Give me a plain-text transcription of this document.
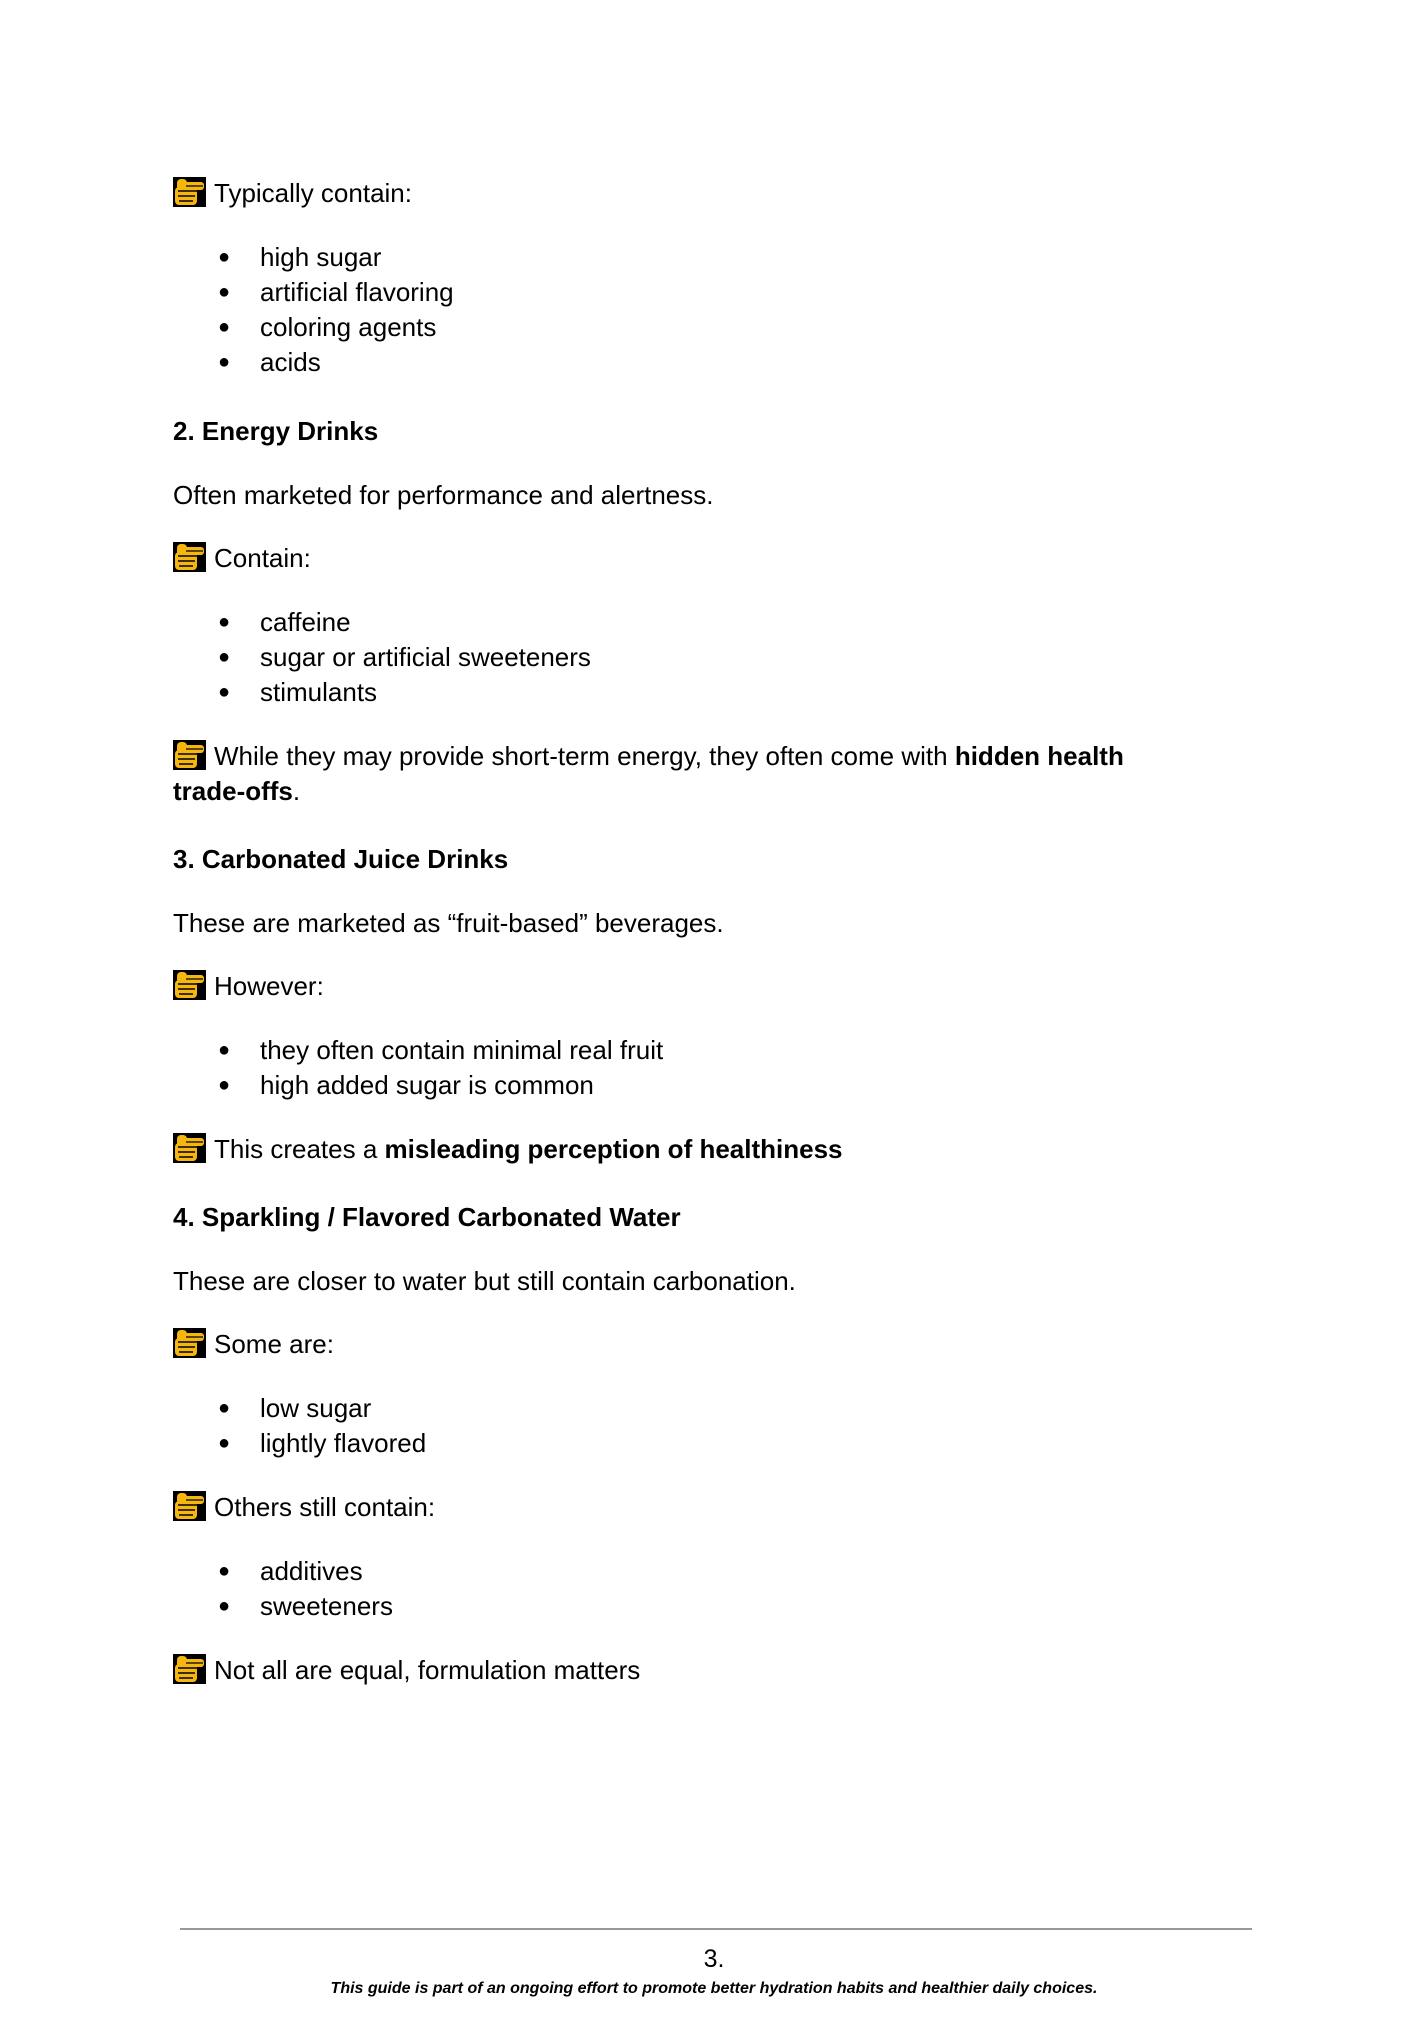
Typically contain:
● high sugar
● artificial flavoring
● coloring agents
● acids
2. Energy Drinks
Often marketed for performance and alertness.
Contain:
● caffeine
● sugar or artificial sweeteners
● stimulants
While they may provide short-term energy, they often come with hidden health
trade-offs.
3. Carbonated Juice Drinks
These are marketed as “fruit-based” beverages.
However:
● they often contain minimal real fruit
● high added sugar is common
This creates a misleading perception of healthiness
4. Sparkling / Flavored Carbonated Water
These are closer to water but still contain carbonation.
Some are:
● low sugar
● lightly flavored
Others still contain:
● additives
● sweeteners
Not all are equal, formulation matters
3.
This guide is part of an ongoing effort to promote better hydration habits and healthier daily choices.
